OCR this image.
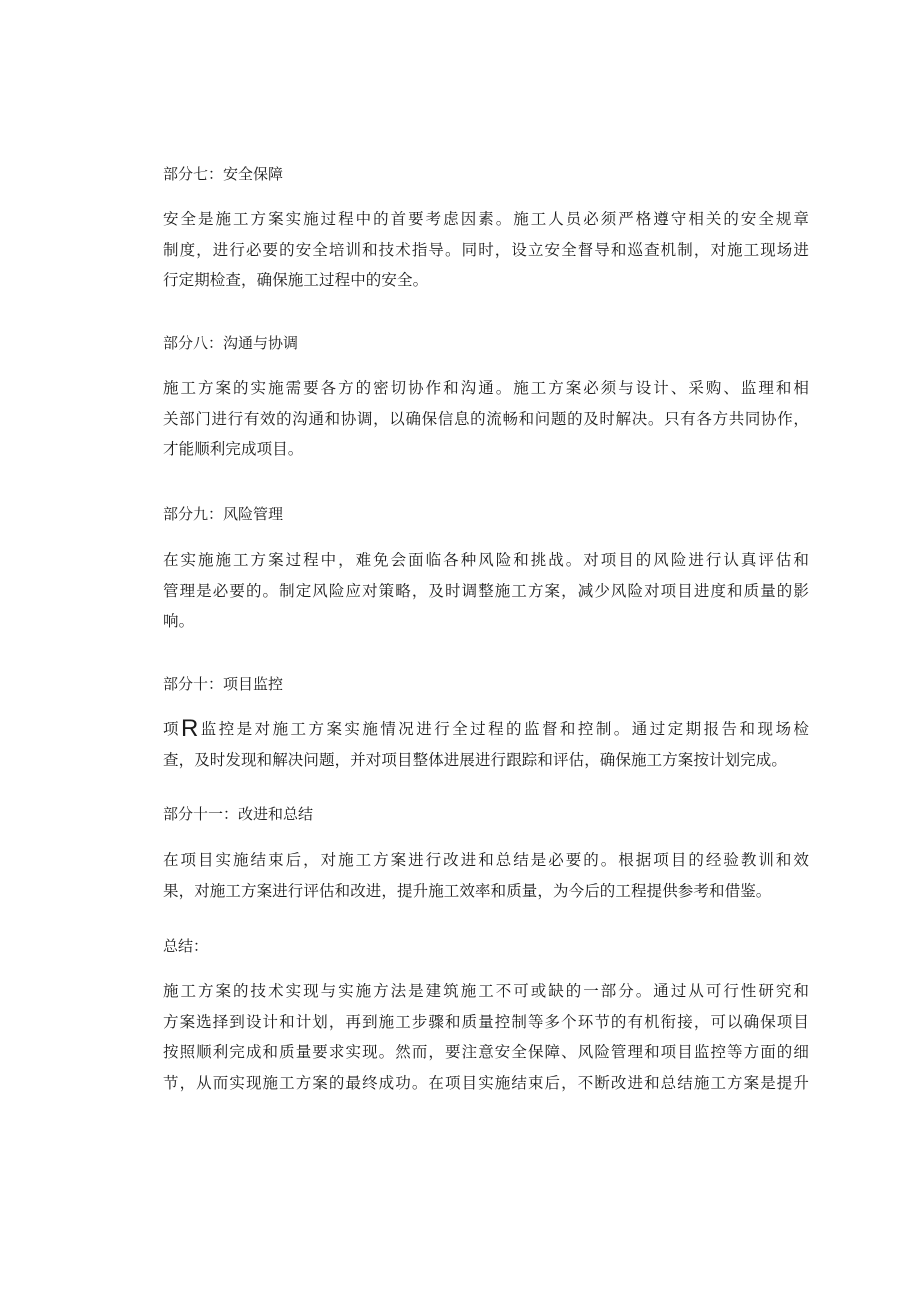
部分七：安全保障

安全是施工方案实施过程中的首要考虑因素。施工人员必须严格遵守相关的安全规章
制度，进行必要的安全培训和技术指导。同时，设立安全督导和巡查机制，对施工现场进
行定期检查，确保施工过程中的安全。

部分八：沟通与协调

施工方案的实施需要各方的密切协作和沟通。施工方案必须与设计、采购、监理和相
关部门进行有效的沟通和协调，以确保信息的流畅和问题的及时解决。只有各方共同协作，
才能顺利完成项目。

部分九：风险管理

在实施施工方案过程中，难免会面临各种风险和挑战。对项目的风险进行认真评估和
管理是必要的。制定风险应对策略，及时调整施工方案，减少风险对项目进度和质量的影
响。

部分十：项目监控

项R监控是对施工方案实施情况进行全过程的监督和控制。通过定期报告和现场检
查，及时发现和解决问题，并对项目整体进展进行跟踪和评估，确保施工方案按计划完成。

部分十一：改进和总结

在项目实施结束后，对施工方案进行改进和总结是必要的。根据项目的经验教训和效
果，对施工方案进行评估和改进，提升施工效率和质量，为今后的工程提供参考和借鉴。

总结：

施工方案的技术实现与实施方法是建筑施工不可或缺的一部分。通过从可行性研究和
方案选择到设计和计划，再到施工步骤和质量控制等多个环节的有机衔接，可以确保项目
按照顺利完成和质量要求实现。然而，要注意安全保障、风险管理和项目监控等方面的细
节，从而实现施工方案的最终成功。在项目实施结束后，不断改进和总结施工方案是提升
